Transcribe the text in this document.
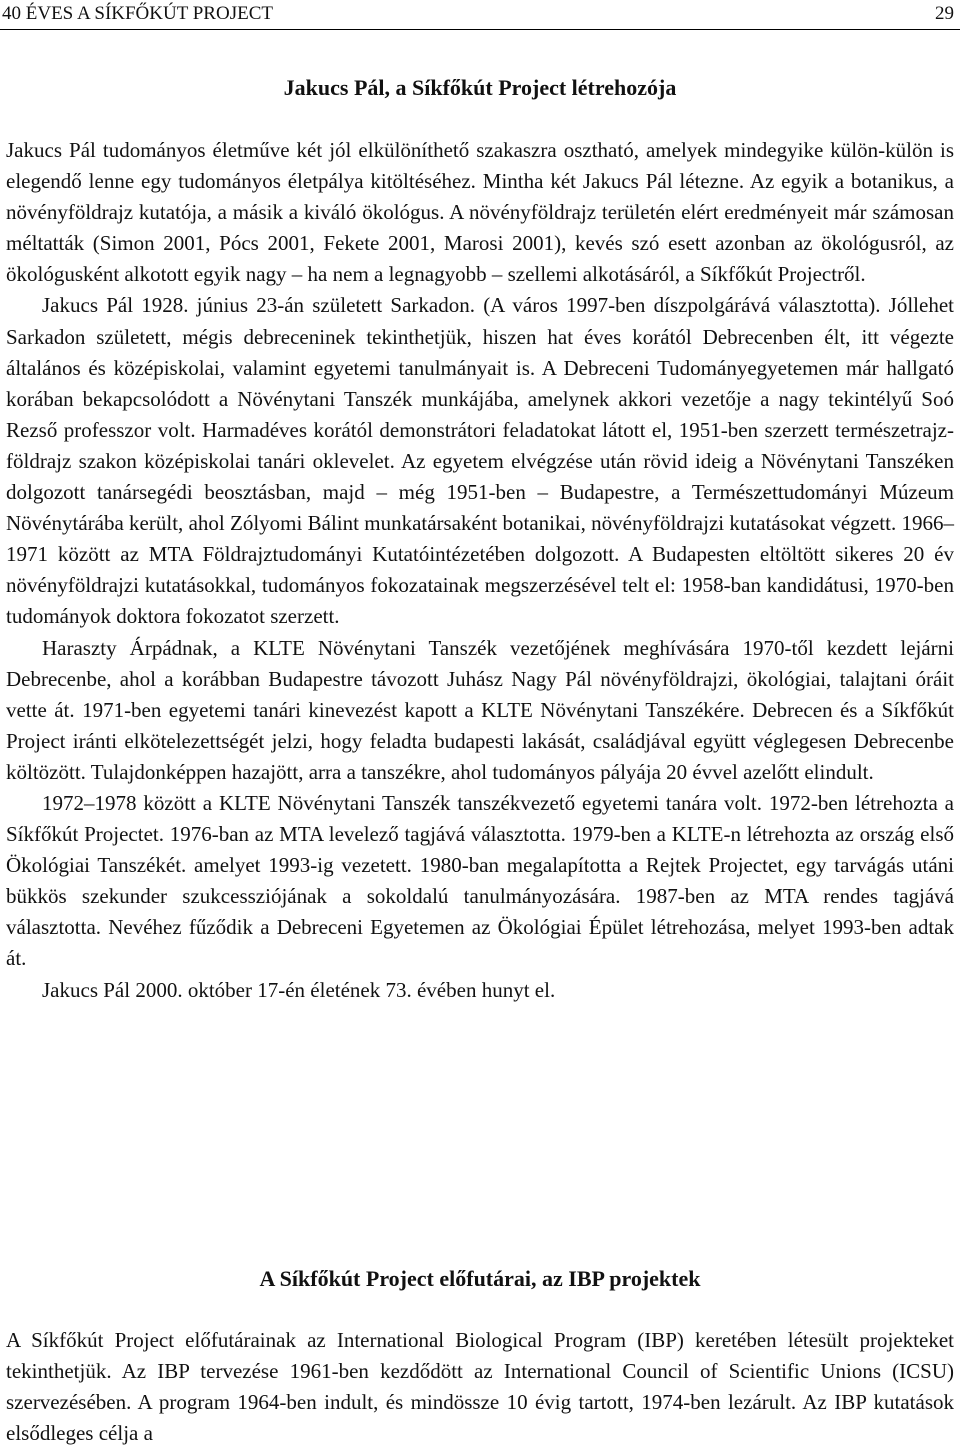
40 ÉVES A SÍKFŐKÚT PROJECT	29
Jakucs Pál, a Síkfőkút Project létrehozója

Jakucs Pál tudományos életműve két jól elkülöníthető szakaszra osztható, amelyek mindegyike külön-külön is elegendő lenne egy tudományos életpálya kitöltéséhez. Mintha két Jakucs Pál létezne. Az egyik a botanikus, a növényföldrajz kutatója, a másik a kiváló ökológus. A növényföldrajz területén elért eredményeit már számosan méltatták (Simon 2001, Pócs 2001, Fekete 2001, Marosi 2001), kevés szó esett azonban az ökológusról, az ökológusként alkotott egyik nagy – ha nem a legnagyobb – szellemi alkotásáról, a Síkfőkút Projectről.

Jakucs Pál 1928. június 23-án született Sarkadon. (A város 1997-ben díszpolgárává választotta). Jóllehet Sarkadon született, mégis debreceninek tekinthetjük, hiszen hat éves korától Debrecenben élt, itt végezte általános és középiskolai, valamint egyetemi tanulmányait is. A Debreceni Tudományegyetemen már hallgató korában bekapcsolódott a Növénytani Tanszék munkájába, amelynek akkori vezetője a nagy tekintélyű Soó Rezső professzor volt. Harmadéves korától demonstrátori feladatokat látott el, 1951-ben szerzett természetrajz-földrajz szakon középiskolai tanári oklevelet. Az egyetem elvégzése után rövid ideig a Növénytani Tanszéken dolgozott tanársegédi beosztásban, majd – még 1951-ben – Budapestre, a Természettudományi Múzeum Növénytárába került, ahol Zólyomi Bálint munkatársaként botanikai, növényföldrajzi kutatásokat végzett. 1966–1971 között az MTA Földrajztudományi Kutatóintézetében dolgozott. A Budapesten eltöltött sikeres 20 év növényföldrajzi kutatásokkal, tudományos fokozatainak megszerzésével telt el: 1958-ban kandidátusi, 1970-ben tudományok doktora fokozatot szerzett.

Haraszty Árpádnak, a KLTE Növénytani Tanszék vezetőjének meghívására 1970-től kezdett lejárni Debrecenbe, ahol a korábban Budapestre távozott Juhász Nagy Pál növényföldrajzi, ökológiai, talajtani óráit vette át. 1971-ben egyetemi tanári kinevezést kapott a KLTE Növénytani Tanszékére. Debrecen és a Síkfőkút Project iránti elkötelezettségét jelzi, hogy feladta budapesti lakását, családjával együtt véglegesen Debrecenbe költözött. Tulajdonképpen hazajött, arra a tanszékre, ahol tudományos pályája 20 évvel azelőtt elindult.

1972–1978 között a KLTE Növénytani Tanszék tanszékvezető egyetemi tanára volt. 1972-ben létrehozta a Síkfőkút Projectet. 1976-ban az MTA levelező tagjává választotta. 1979-ben a KLTE-n létrehozta az ország első Ökológiai Tanszékét. amelyet 1993-ig vezetett. 1980-ban megalapította a Rejtek Projectet, egy tarvágás utáni bükkös szekunder szukcessziójának a sokoldalú tanulmányozására. 1987-ben az MTA rendes tagjává választotta. Nevéhez fűződik a Debreceni Egyetemen az Ökológiai Épület létrehozása, melyet 1993-ben adtak át.

Jakucs Pál 2000. október 17-én életének 73. évében hunyt el.

A Síkfőkút Project előfutárai, az IBP projektek

A Síkfőkút Project előfutárainak az International Biological Program (IBP) keretében létesült projekteket tekinthetjük. Az IBP tervezése 1961-ben kezdődött az International Council of Scientific Unions (ICSU) szervezésében. A program 1964-ben indult, és mindössze 10 évig tartott, 1974-ben lezárult. Az IBP kutatások elsődleges célja a
